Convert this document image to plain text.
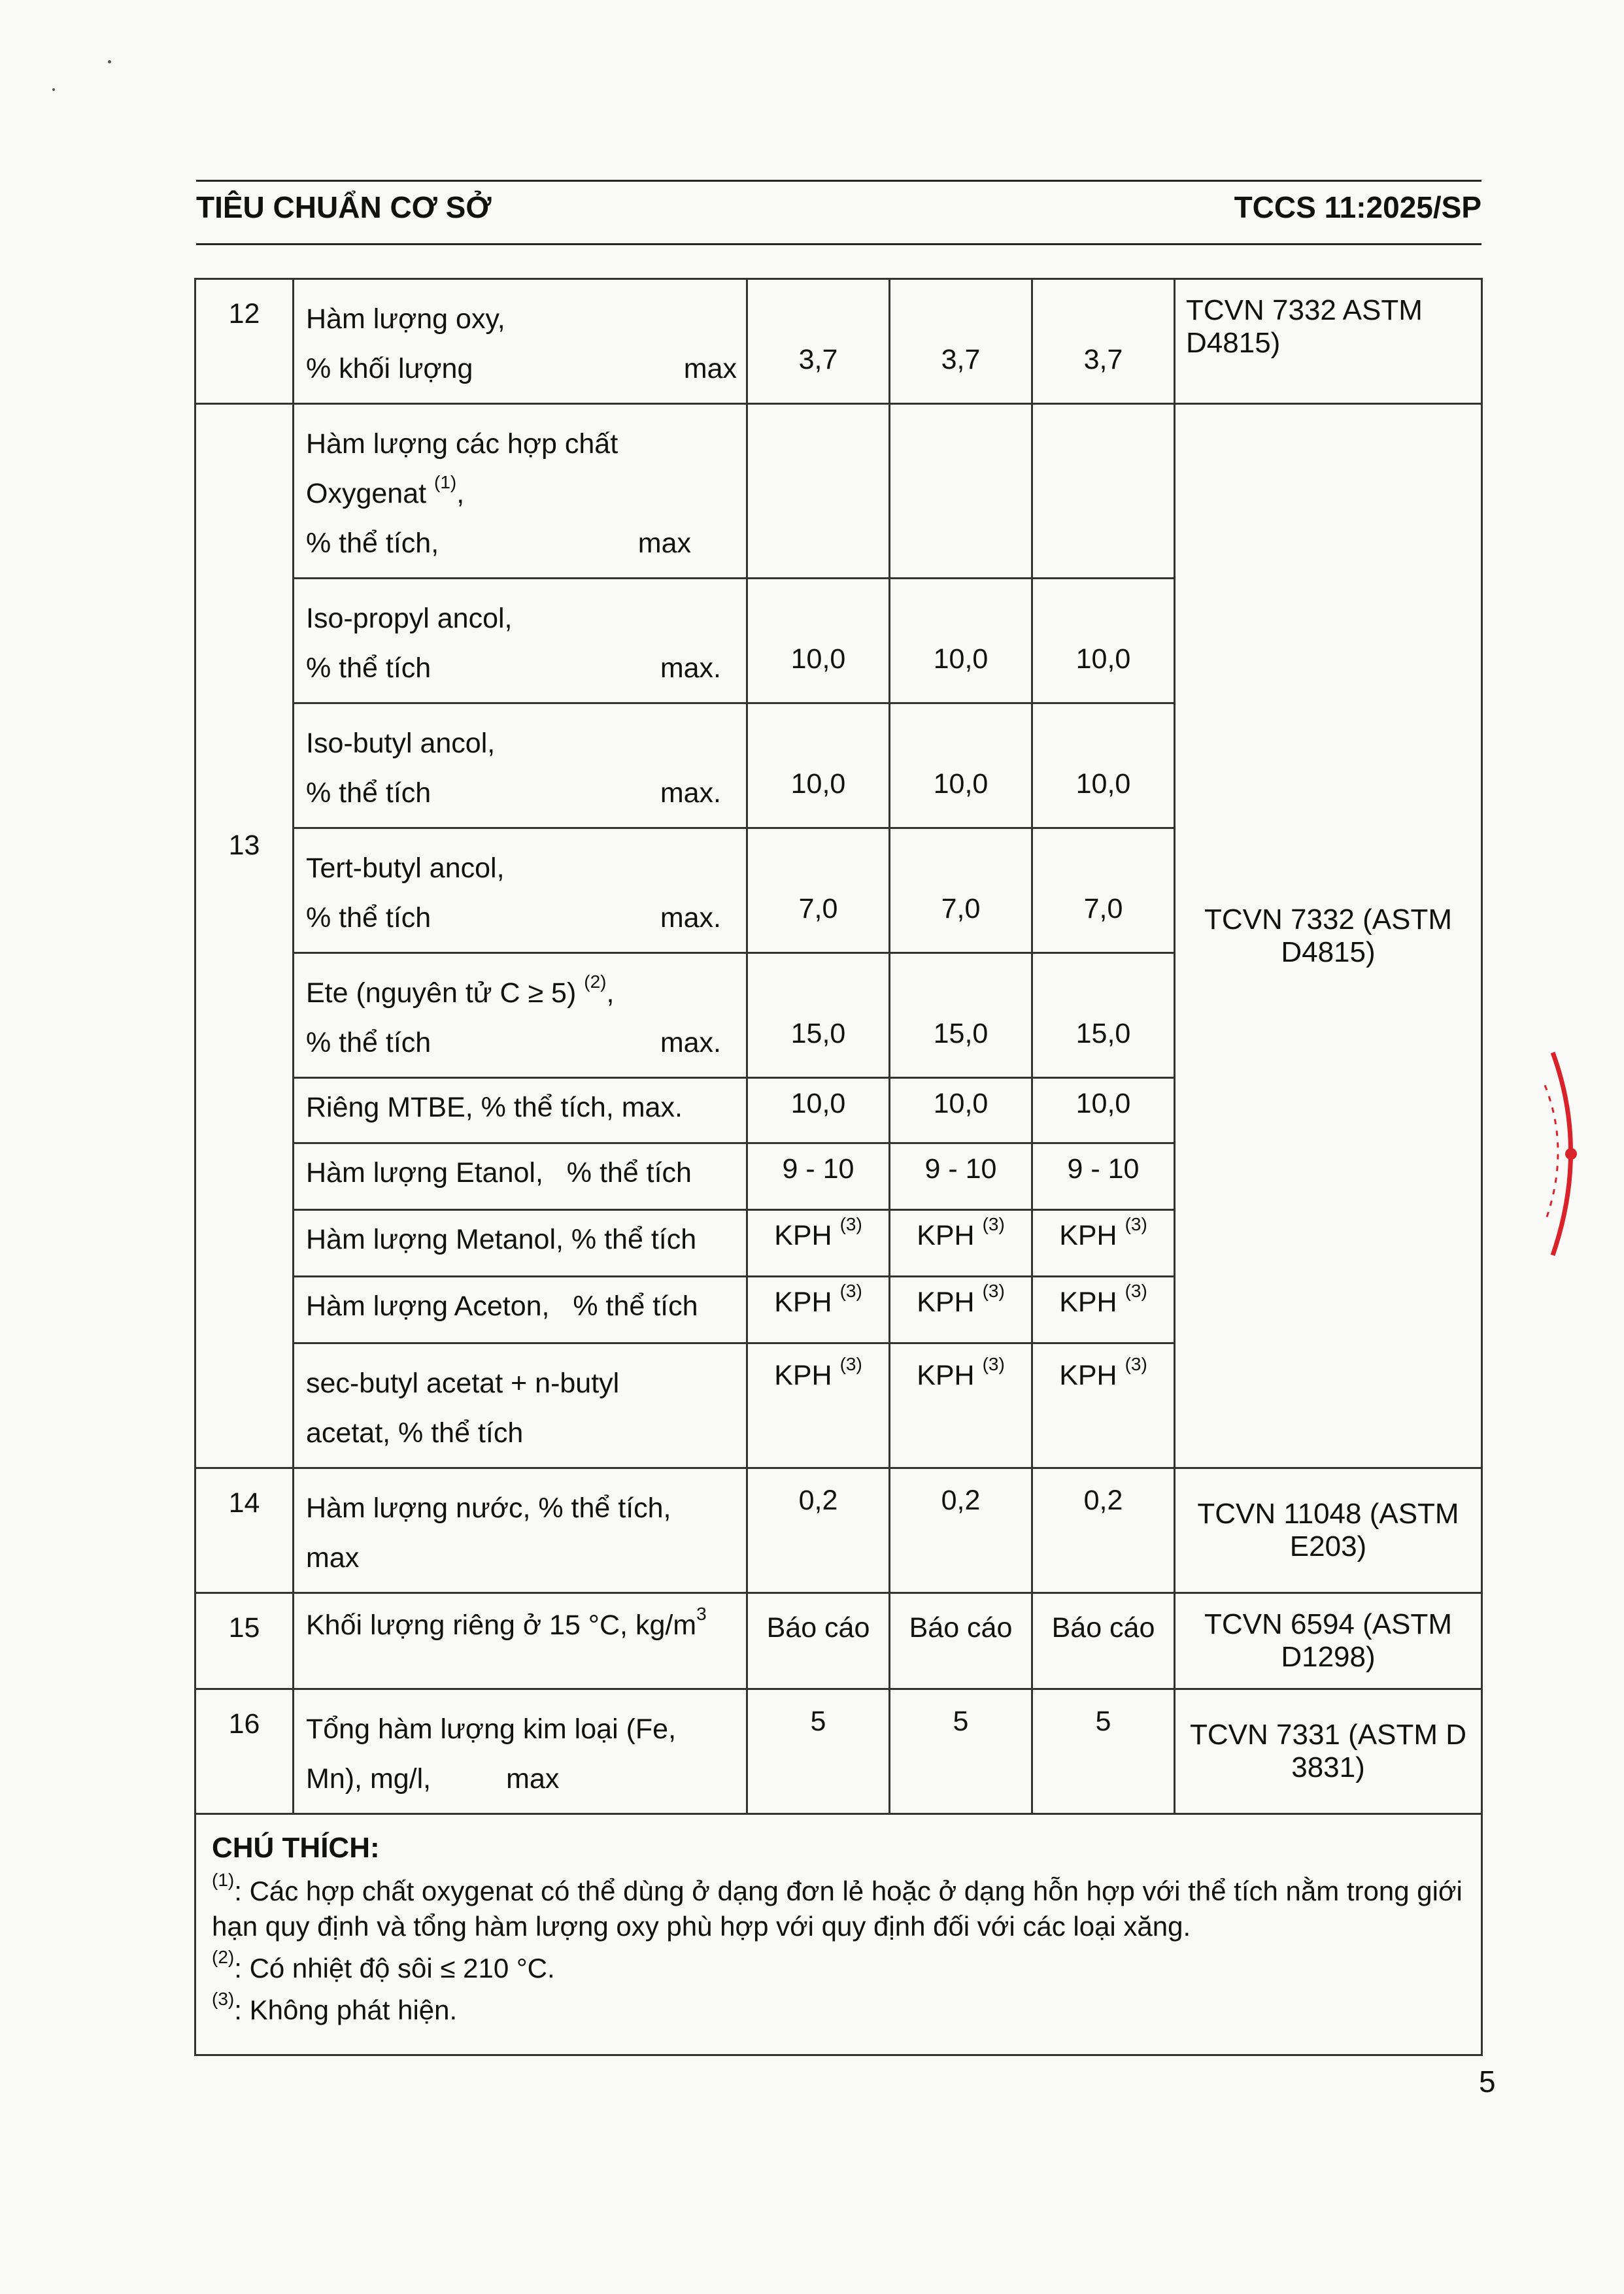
TIÊU CHUẨN CƠ SỞ	TCCS 11:2025/SP
12	Hàm lượng oxy,
% khối lượng max	3,7	3,7	3,7	TCVN 7332 ASTM D4815)
13	Hàm lượng các hợp chất
Oxygenat $^{(1)}$,
% thể tích, max				TCVN 7332 (ASTM D4815)

	Iso-propyl ancol,
% thể tích max.	10,0	10,0	10,0	

	Iso-butyl ancol,
% thể tích max.	10,0	10,0	10,0	

	Tert-butyl ancol,
% thể tích max.	7,0	7,0	7,0	

	Ete (nguyên tử C ≥ 5) $^{(2)}$,
% thể tích max.	15,0	15,0	15,0	

	Riêng MTBE, % thể tích, max.	10,0	10,0	10,0	

	Hàm lượng Etanol,   % thể tích	9 - 10	9 - 10	9 - 10	

	Hàm lượng Metanol, % thể tích	KPH $^{(3)}$	KPH $^{(3)}$	KPH $^{(3)}$

	Hàm lượng Aceton,   % thể tích	KPH $^{(3)}$	KPH $^{(3)}$	KPH $^{(3)}$

	sec-butyl acetat + n-butyl
acetat, % thể tích	KPH $^{(3)}$	KPH $^{(3)}$	KPH $^{(3)}$

14	Hàm lượng nước, % thể tích,
max	0,2	0,2	0,2	TCVN 11048 (ASTM E203)
15	Khối lượng riêng ở 15 °C, $kg/m^3$	Báo cáo	Báo cáo	Báo cáo	TCVN 6594 (ASTM D1298)
16	Tổng hàm lượng kim loại (Fe,
Mn), mg/l, max	5	5	5	TCVN 7331 (ASTM D 3831)

CHÚ THÍCH:

$^{(1)}$: Các hợp chất oxygenat có thể dùng ở dạng đơn lẻ hoặc ở dạng hỗn hợp với thể tích nằm trong giới hạn quy định và tổng hàm lượng oxy phù hợp với quy định đối với các loại xăng.

$^{(2)}$: Có nhiệt độ sôi ≤ 210 °C.

$^{(3)}$: Không phát hiện.					

5
